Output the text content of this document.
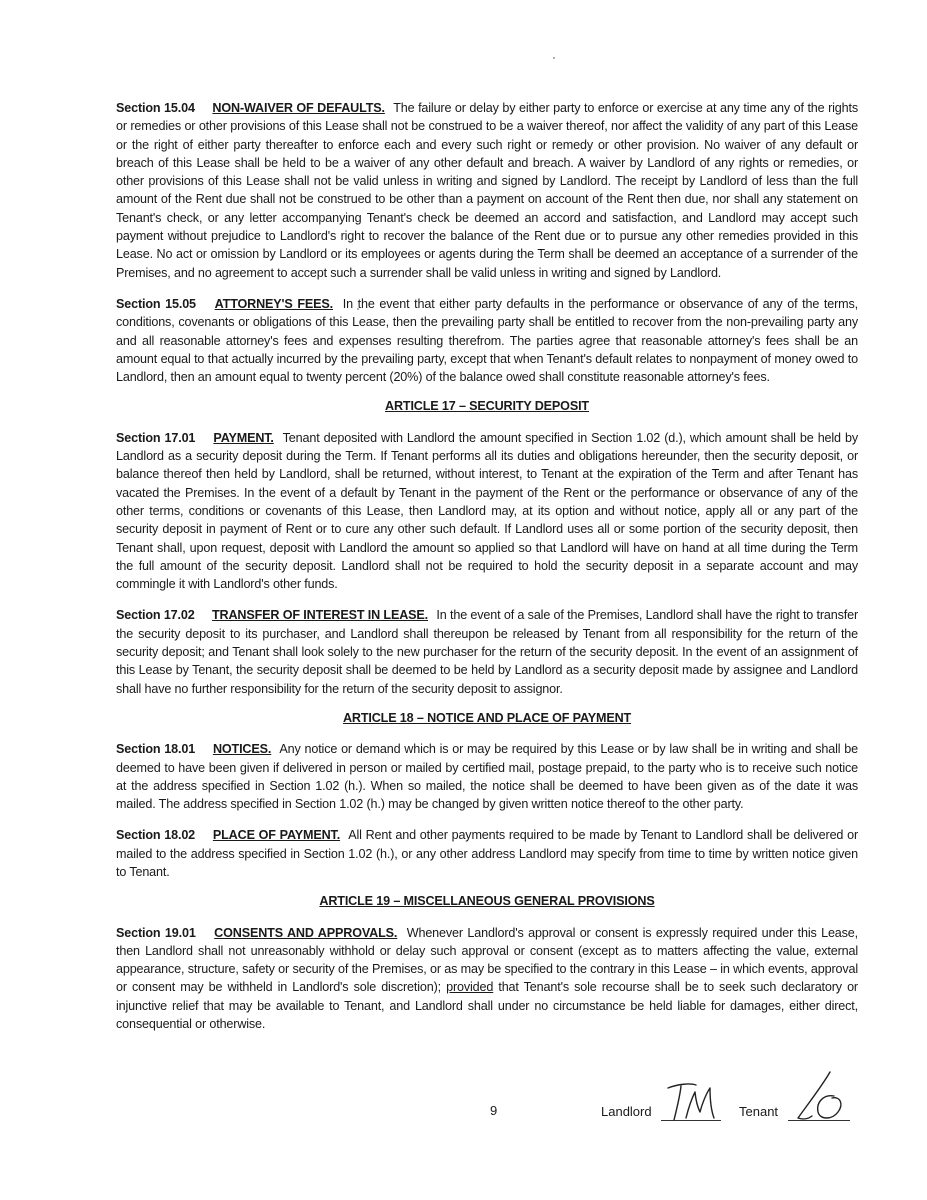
Section 15.04 NON-WAIVER OF DEFAULTS. The failure or delay by either party to enforce or exercise at any time any of the rights or remedies or other provisions of this Lease shall not be construed to be a waiver thereof, nor affect the validity of any part of this Lease or the right of either party thereafter to enforce each and every such right or remedy or other provision. No waiver of any default or breach of this Lease shall be held to be a waiver of any other default and breach. A waiver by Landlord of any rights or remedies, or other provisions of this Lease shall not be valid unless in writing and signed by Landlord. The receipt by Landlord of less than the full amount of the Rent due shall not be construed to be other than a payment on account of the Rent then due, nor shall any statement on Tenant's check, or any letter accompanying Tenant's check be deemed an accord and satisfaction, and Landlord may accept such payment without prejudice to Landlord's right to recover the balance of the Rent due or to pursue any other remedies provided in this Lease. No act or omission by Landlord or its employees or agents during the Term shall be deemed an acceptance of a surrender of the Premises, and no agreement to accept such a surrender shall be valid unless in writing and signed by Landlord.

Section 15.05 ATTORNEY'S FEES. In the event that either party defaults in the performance or observance of any of the terms, conditions, covenants or obligations of this Lease, then the prevailing party shall be entitled to recover from the non-prevailing party any and all reasonable attorney's fees and expenses resulting therefrom. The parties agree that reasonable attorney's fees shall be an amount equal to that actually incurred by the prevailing party, except that when Tenant's default relates to nonpayment of money owed to Landlord, then an amount equal to twenty percent (20%) of the balance owed shall constitute reasonable attorney's fees.

ARTICLE 17 – SECURITY DEPOSIT

Section 17.01 PAYMENT. Tenant deposited with Landlord the amount specified in Section 1.02 (d.), which amount shall be held by Landlord as a security deposit during the Term. If Tenant performs all its duties and obligations hereunder, then the security deposit, or balance thereof then held by Landlord, shall be returned, without interest, to Tenant at the expiration of the Term and after Tenant has vacated the Premises. In the event of a default by Tenant in the payment of the Rent or the performance or observance of any of the other terms, conditions or covenants of this Lease, then Landlord may, at its option and without notice, apply all or any part of the security deposit in payment of Rent or to cure any other such default. If Landlord uses all or some portion of the security deposit, then Tenant shall, upon request, deposit with Landlord the amount so applied so that Landlord will have on hand at all time during the Term the full amount of the security deposit. Landlord shall not be required to hold the security deposit in a separate account and may commingle it with Landlord's other funds.

Section 17.02 TRANSFER OF INTEREST IN LEASE. In the event of a sale of the Premises, Landlord shall have the right to transfer the security deposit to its purchaser, and Landlord shall thereupon be released by Tenant from all responsibility for the return of the security deposit; and Tenant shall look solely to the new purchaser for the return of the security deposit. In the event of an assignment of this Lease by Tenant, the security deposit shall be deemed to be held by Landlord as a security deposit made by assignee and Landlord shall have no further responsibility for the return of the security deposit to assignor.

ARTICLE 18 – NOTICE AND PLACE OF PAYMENT

Section 18.01 NOTICES. Any notice or demand which is or may be required by this Lease or by law shall be in writing and shall be deemed to have been given if delivered in person or mailed by certified mail, postage prepaid, to the party who is to receive such notice at the address specified in Section 1.02 (h.). When so mailed, the notice shall be deemed to have been given as of the date it was mailed. The address specified in Section 1.02 (h.) may be changed by given written notice thereof to the other party.

Section 18.02 PLACE OF PAYMENT. All Rent and other payments required to be made by Tenant to Landlord shall be delivered or mailed to the address specified in Section 1.02 (h.), or any other address Landlord may specify from time to time by written notice given to Tenant.

ARTICLE 19 – MISCELLANEOUS GENERAL PROVISIONS

Section 19.01 CONSENTS AND APPROVALS. Whenever Landlord's approval or consent is expressly required under this Lease, then Landlord shall not unreasonably withhold or delay such approval or consent (except as to matters affecting the value, external appearance, structure, safety or security of the Premises, or as may be specified to the contrary in this Lease – in which events, approval or consent may be withheld in Landlord's sole discretion); provided that Tenant's sole recourse shall be to seek such declaratory or injunctive relief that may be available to Tenant, and Landlord shall under no circumstance be held liable for damages, either direct, consequential or otherwise.

9	Landlord	Tenant
